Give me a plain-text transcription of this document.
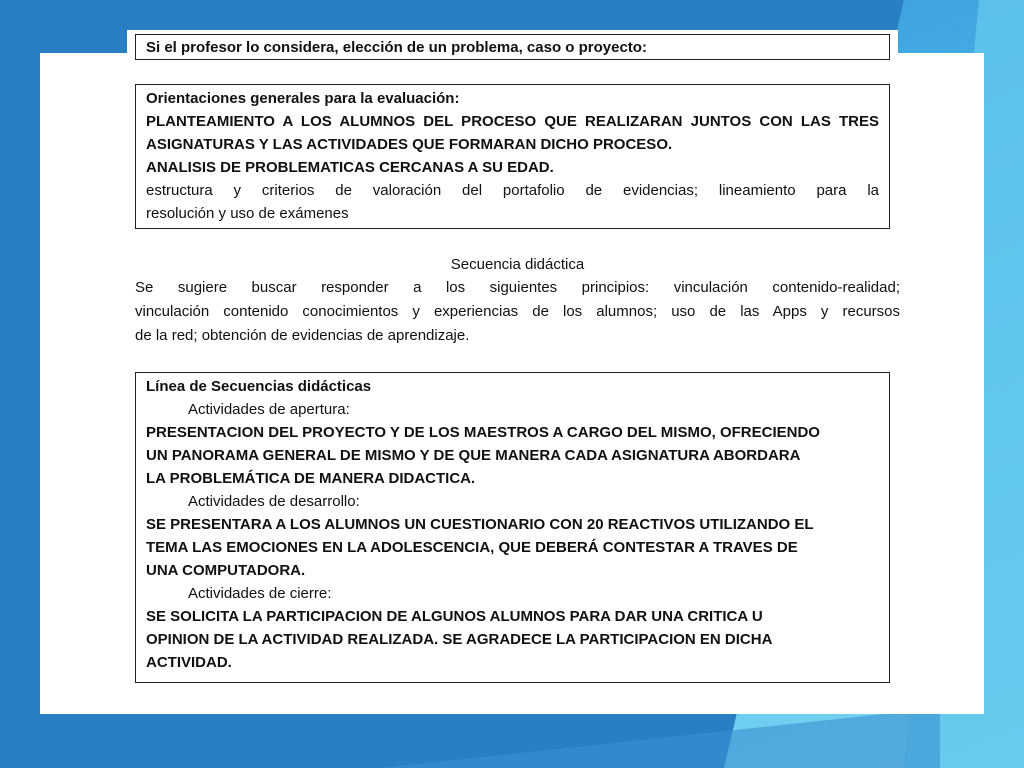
Si el profesor lo considera, elección de un problema, caso o proyecto:
Orientaciones generales para la evaluación:
PLANTEAMIENTO A LOS ALUMNOS DEL PROCESO QUE REALIZARAN JUNTOS CON LAS TRES
ASIGNATURAS Y LAS ACTIVIDADES QUE FORMARAN DICHO PROCESO.
ANALISIS DE PROBLEMATICAS CERCANAS A SU EDAD.
estructura y criterios de valoración del portafolio de evidencias; lineamiento para la
resolución y uso de exámenes
Secuencia didáctica
Se sugiere buscar responder a los siguientes principios: vinculación contenido-realidad;
vinculación contenido conocimientos y experiencias de los alumnos; uso de las Apps y recursos
de la red; obtención de evidencias de aprendizaje.
Línea de Secuencias didácticas
Actividades de apertura:
PRESENTACION DEL PROYECTO Y DE LOS MAESTROS A CARGO DEL MISMO, OFRECIENDO
UN PANORAMA GENERAL DE MISMO Y DE QUE MANERA CADA ASIGNATURA ABORDARA
LA PROBLEMÁTICA DE MANERA DIDACTICA.
Actividades de desarrollo:
SE PRESENTARA A LOS ALUMNOS UN CUESTIONARIO CON 20 REACTIVOS UTILIZANDO EL
TEMA LAS EMOCIONES EN LA ADOLESCENCIA, QUE DEBERÁ CONTESTAR A TRAVES DE
UNA COMPUTADORA.
Actividades de cierre:
SE SOLICITA LA PARTICIPACION DE ALGUNOS ALUMNOS PARA DAR UNA CRITICA U
OPINION DE LA ACTIVIDAD REALIZADA. SE AGRADECE LA PARTICIPACION EN DICHA
ACTIVIDAD.
